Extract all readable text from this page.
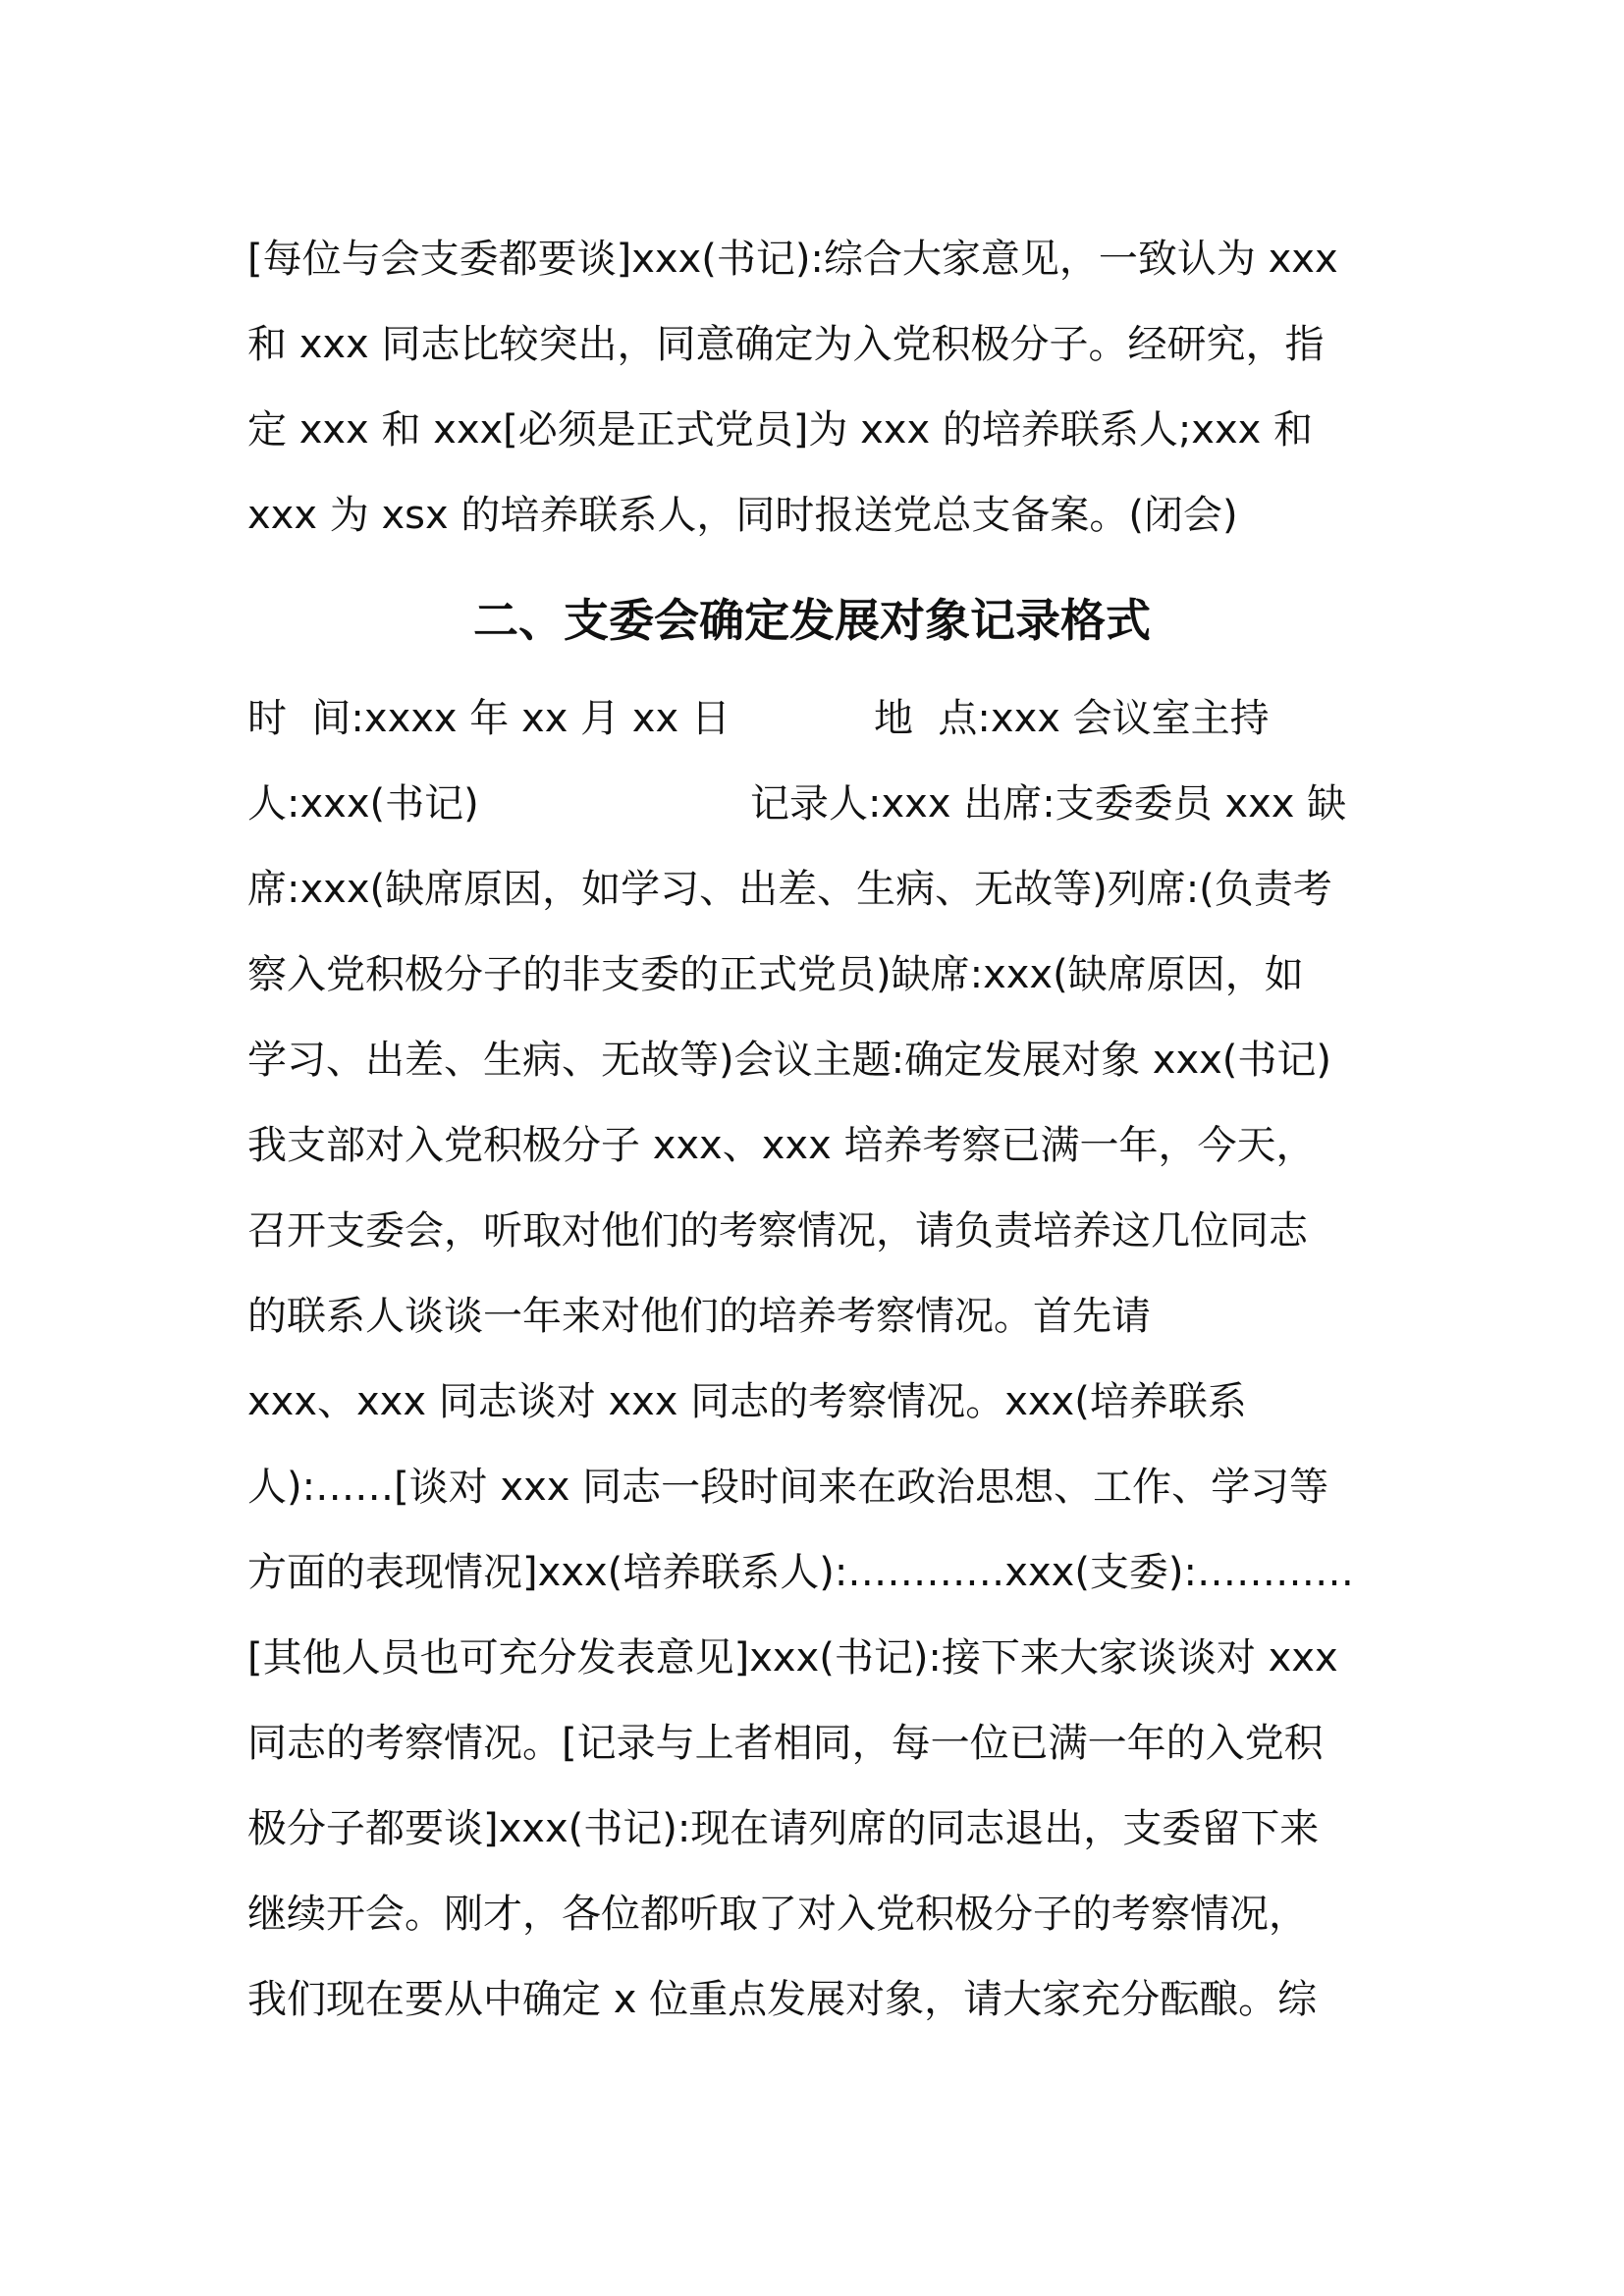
[每位与会支委都要谈]xxx(书记):综合大家意见，一致认为 xxx
和 xxx 同志比较突出，同意确定为入党积极分子。经研究，指
定 xxx 和 xxx[必须是正式党员]为 xxx 的培养联系人;xxx 和
xxx 为 xsx 的培养联系人，同时报送党总支备案。(闭会)
二、支委会确定发展对象记录格式
时  间:xxxx 年 xx 月 xx 日	地  点:xxx 会议室主持
人:xxx(书记)	记录人:xxx 出席:支委委员 xxx 缺
席:xxx(缺席原因，如学习、出差、生病、无故等)列席:(负责考
察入党积极分子的非支委的正式党员)缺席:xxx(缺席原因，如
学习、出差、生病、无故等)会议主题:确定发展对象 xxx(书记)
我支部对入党积极分子 xxx、xxx 培养考察已满一年，今天，
召开支委会，听取对他们的考察情况，请负责培养这几位同志
的联系人谈谈一年来对他们的培养考察情况。首先请
xxx、xxx 同志谈对 xxx 同志的考察情况。xxx(培养联系
人):……[谈对 xxx 同志一段时间来在政治思想、工作、学习等
方面的表现情况]xxx(培养联系人):…………xxx(支委):…………
[其他人员也可充分发表意见]xxx(书记):接下来大家谈谈对 xxx
同志的考察情况。[记录与上者相同，每一位已满一年的入党积
极分子都要谈]xxx(书记):现在请列席的同志退出，支委留下来
继续开会。刚才，各位都听取了对入党积极分子的考察情况，
我们现在要从中确定 x 位重点发展对象，请大家充分酝酿。综
